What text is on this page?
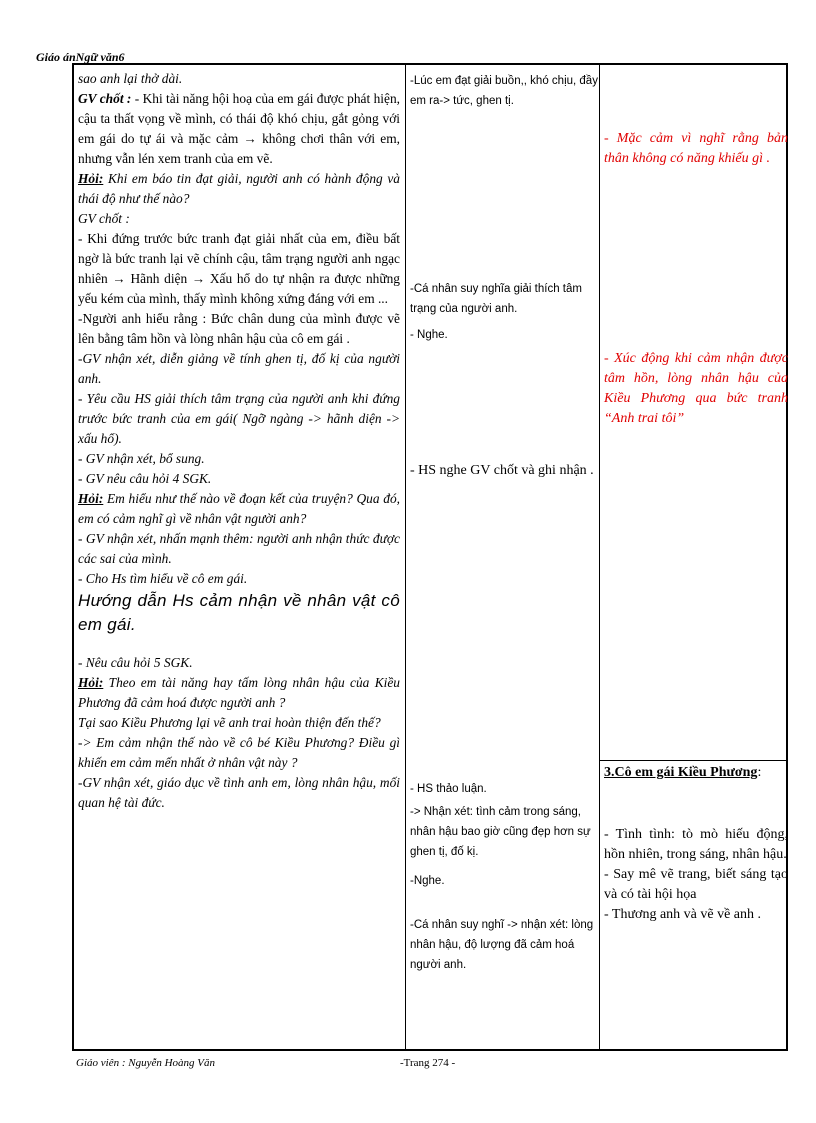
Giáo ánNgữ văn6

sao anh lại thở dài.

GV chốt : - Khi tài năng hội hoạ của em gái được phát hiện, cậu ta thất vọng về mình, có thái độ khó chịu, gắt gỏng với em gái do tự ái và mặc cảm → không chơi thân với em, nhưng vẫn lén xem tranh của em vẽ.

Hỏi: Khi em báo tin đạt giải, người anh có hành động và thái độ như thế nào?

GV chốt :

- Khi đứng trước bức tranh đạt giải nhất của em, điều bất ngờ là bức tranh lại vẽ chính cậu, tâm trạng người anh ngạc nhiên → Hãnh diện → Xấu hổ do tự nhận ra được những yếu kém của mình, thấy mình không xứng đáng với em ...

-Người anh hiểu rằng : Bức chân dung của mình được vẽ lên bằng tâm hồn và lòng nhân hậu của cô em gái .

-GV nhận xét, diễn giảng về tính ghen tị, đố kị của người anh.

- Yêu cầu HS giải thích tâm trạng của người anh khi đứng trước bức tranh của em gái( Ngỡ ngàng -> hãnh diện -> xấu hổ).

- GV nhận xét, bổ sung.

- GV nêu câu hỏi 4 SGK.

Hỏi: Em hiểu như thế nào về đoạn kết của truyện? Qua đó, em có cảm nghĩ gì về nhân vật người anh?

- GV nhận xét, nhấn mạnh thêm: người anh nhận thức được các sai của mình.

- Cho Hs tìm hiểu về cô em gái.

Hướng dẫn Hs cảm nhận về nhân vật cô em gái.

- Nêu câu hỏi 5 SGK.

Hỏi: Theo em tài năng hay tấm lòng nhân hậu của Kiều Phương đã cảm hoá được người anh ?

Tại sao Kiều Phương lại vẽ anh trai hoàn thiện đến thế?

-> Em cảm nhận thế nào về cô bé Kiều Phương? Điều gì khiến em cảm mến nhất ở nhân vật này ?

-GV nhận xét, giáo dục về tình anh em, lòng nhân hậu, mối quan hệ tài đức.

-Lúc em đạt giải buồn,, khó chịu, đầy em ra-> tức, ghen tị.
-Cá nhân suy nghĩa giải thích tâm trạng của người anh.
- Nghe.
- HS nghe GV chốt và ghi nhận .
- HS thảo luận.
-> Nhận xét: tình cảm trong sáng, nhân hậu bao giờ cũng đẹp hơn sự ghen tị, đố kị.
-Nghe.
-Cá nhân suy nghĩ -> nhận xét: lòng nhân hậu, độ lượng đã cảm hoá người anh.
- Mặc cảm vì nghĩ rằng bản thân không có năng khiếu gì .
- Xúc động khi cảm nhận được tâm hồn, lòng nhân hậu của Kiều Phương qua bức tranh “Anh trai tôi”

3.Cô em gái Kiều Phương:

- Tình tình: tò mò hiếu động, hồn nhiên, trong sáng, nhân hậu.

- Say mê vẽ trang, biết sáng tạo và có tài hội họa

- Thương anh và vẽ về anh .

Giáo viên : Nguyễn Hoàng Văn	-Trang 274 -
